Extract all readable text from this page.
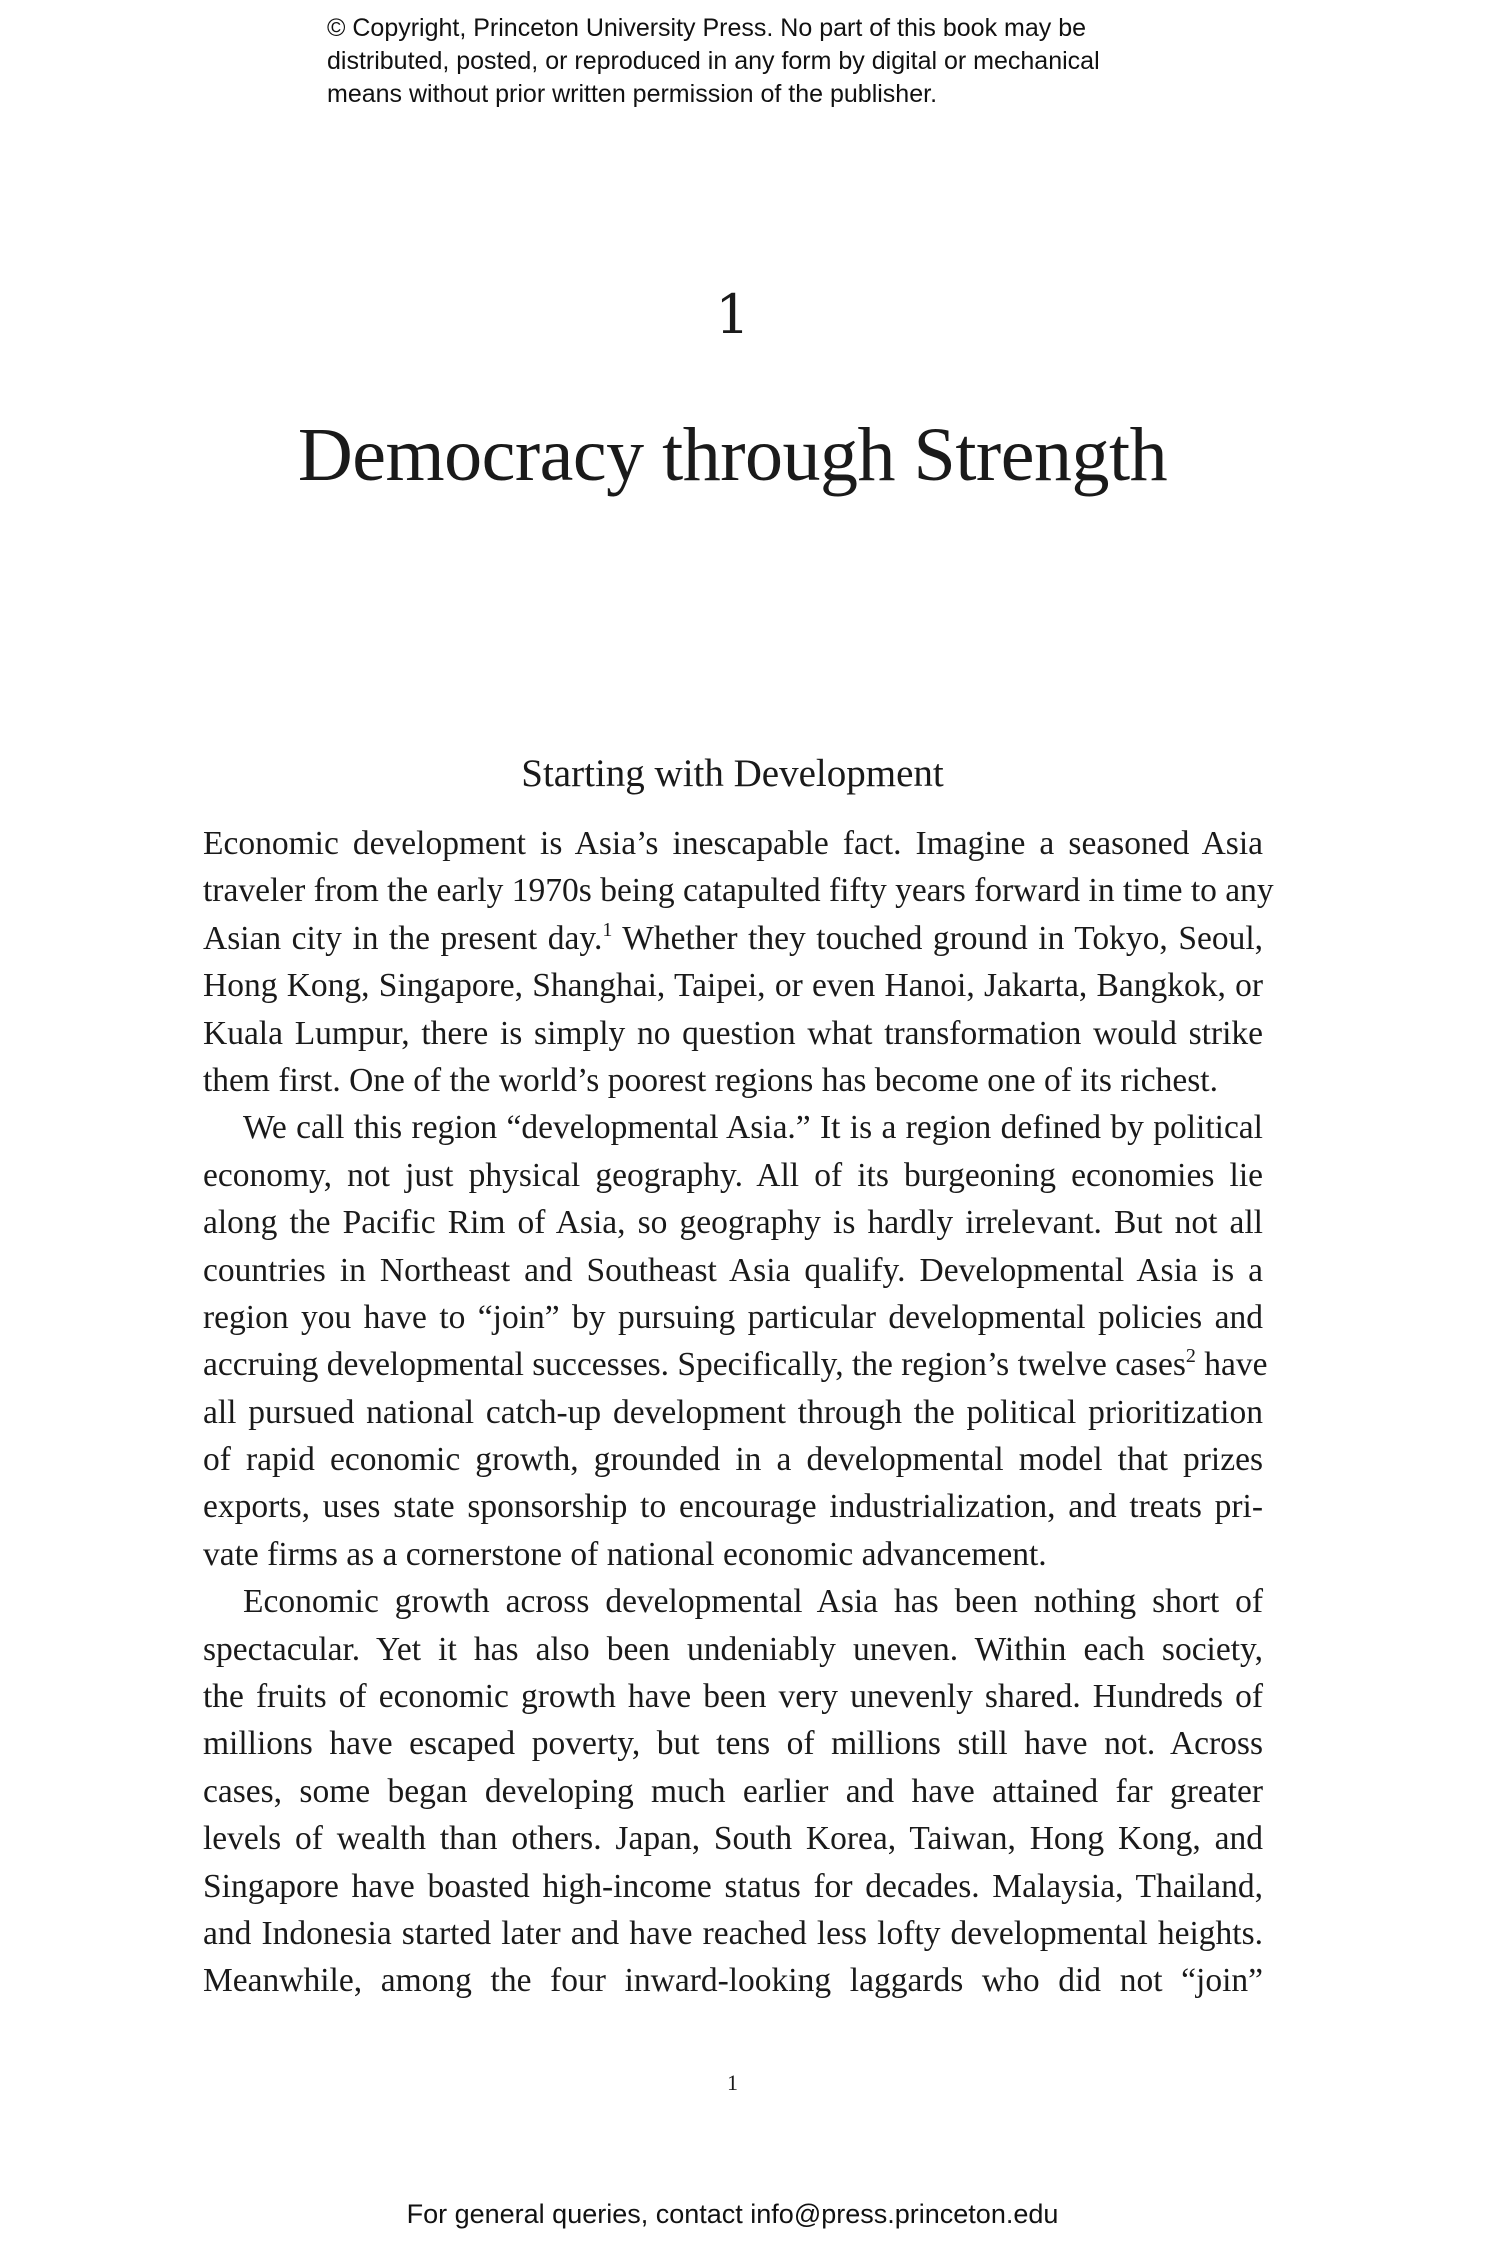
© Copyright, Princeton University Press. No part of this book may be
distributed, posted, or reproduced in any form by digital or mechanical
means without prior written permission of the publisher.
1
Democracy through Strength
Starting with Development
Economic development is Asia’s inescapable fact. Imagine a seasoned Asia
traveler from the early 1970s being catapulted fifty years forward in time to any
Asian city in the present day.$^1$ Whether they touched ground in Tokyo, Seoul,
Hong Kong, Singapore, Shanghai, Taipei, or even Hanoi, Jakarta, Bangkok, or
Kuala Lumpur, there is simply no question what transformation would strike
them first. One of the world’s poorest regions has become one of its richest.
We call this region “developmental Asia.” It is a region defined by political
economy, not just physical geography. All of its burgeoning economies lie
along the Pacific Rim of Asia, so geography is hardly irrelevant. But not all
countries in Northeast and Southeast Asia qualify. Developmental Asia is a
region you have to “join” by pursuing particular developmental policies and
accruing developmental successes. Specifically, the region’s twelve cases$^2$ have
all pursued national catch-up development through the political prioritization
of rapid economic growth, grounded in a developmental model that prizes
exports, uses state sponsorship to encourage industrialization, and treats pri-
vate firms as a cornerstone of national economic advancement.
Economic growth across developmental Asia has been nothing short of
spectacular. Yet it has also been undeniably uneven. Within each society,
the fruits of economic growth have been very unevenly shared. Hundreds of
millions have escaped poverty, but tens of millions still have not. Across
cases, some began developing much earlier and have attained far greater
levels of wealth than others. Japan, South Korea, Taiwan, Hong Kong, and
Singapore have boasted high-income status for decades. Malaysia, Thailand,
and Indonesia started later and have reached less lofty developmental heights.
Meanwhile, among the four inward-looking laggards who did not “join”
1
For general queries, contact info@press.princeton.edu
